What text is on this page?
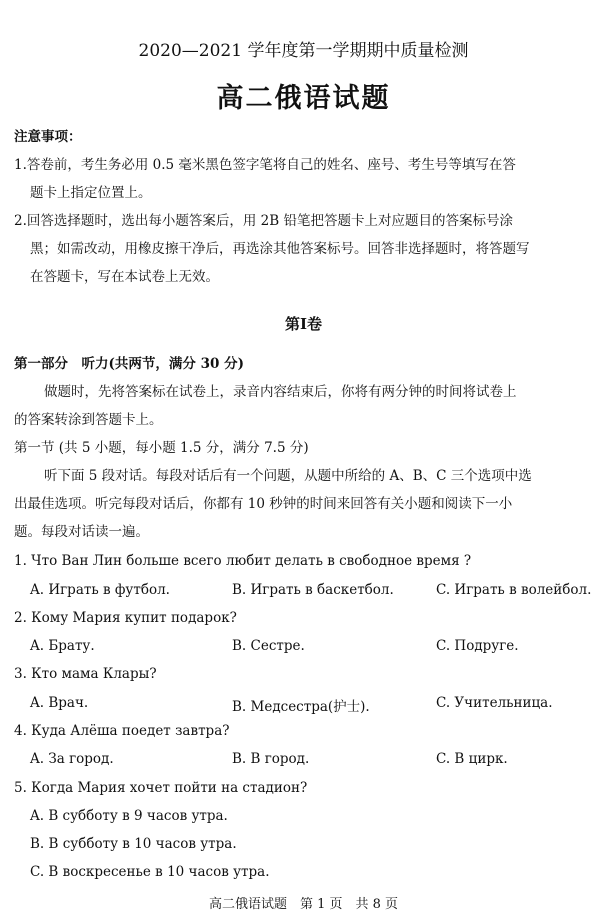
2020—2021 学年度第一学期期中质量检测
高二俄语试题
注意事项：
1.答卷前，考生务必用 0.5 毫米黑色签字笔将自己的姓名、座号、考生号等填写在答
题卡上指定位置上。
2.回答选择题时，选出每小题答案后，用 2B 铅笔把答题卡上对应题目的答案标号涂
黑；如需改动，用橡皮擦干净后，再选涂其他答案标号。回答非选择题时，将答题写
在答题卡，写在本试卷上无效。
第Ⅰ卷
第一部分　听力(共两节，满分 30 分)
做题时，先将答案标在试卷上，录音内容结束后，你将有两分钟的时间将试卷上
的答案转涂到答题卡上。
第一节 (共 5 小题，每小题 1.5 分，满分 7.5 分)
听下面 5 段对话。每段对话后有一个问题，从题中所给的 A、B、C 三个选项中选
出最佳选项。听完每段对话后，你都有 10 秒钟的时间来回答有关小题和阅读下一小
题。每段对话读一遍。
1. Что Ван Лин больше всего любит делать в свободное время ?
A. Играть в футбол.	B. Играть в баскетбол.	C. Играть в волейбол.
2. Кому Мария купит подарок?
A. Брату.	B. Сестре.	C. Подруге.
3. Кто мама Клары?
A. Врач.	B. Медсестра(护士).	C. Учительница.
4. Куда Алёша поедет завтра?
A. За город.	B. В город.	C. В цирк.
5. Когда Мария хочет пойти на стадион?
A. В субботу в 9 часов утра.
B. В субботу в 10 часов утра.
C. В воскресенье в 10 часов утра.
高二俄语试题　第 1 页　共 8 页
